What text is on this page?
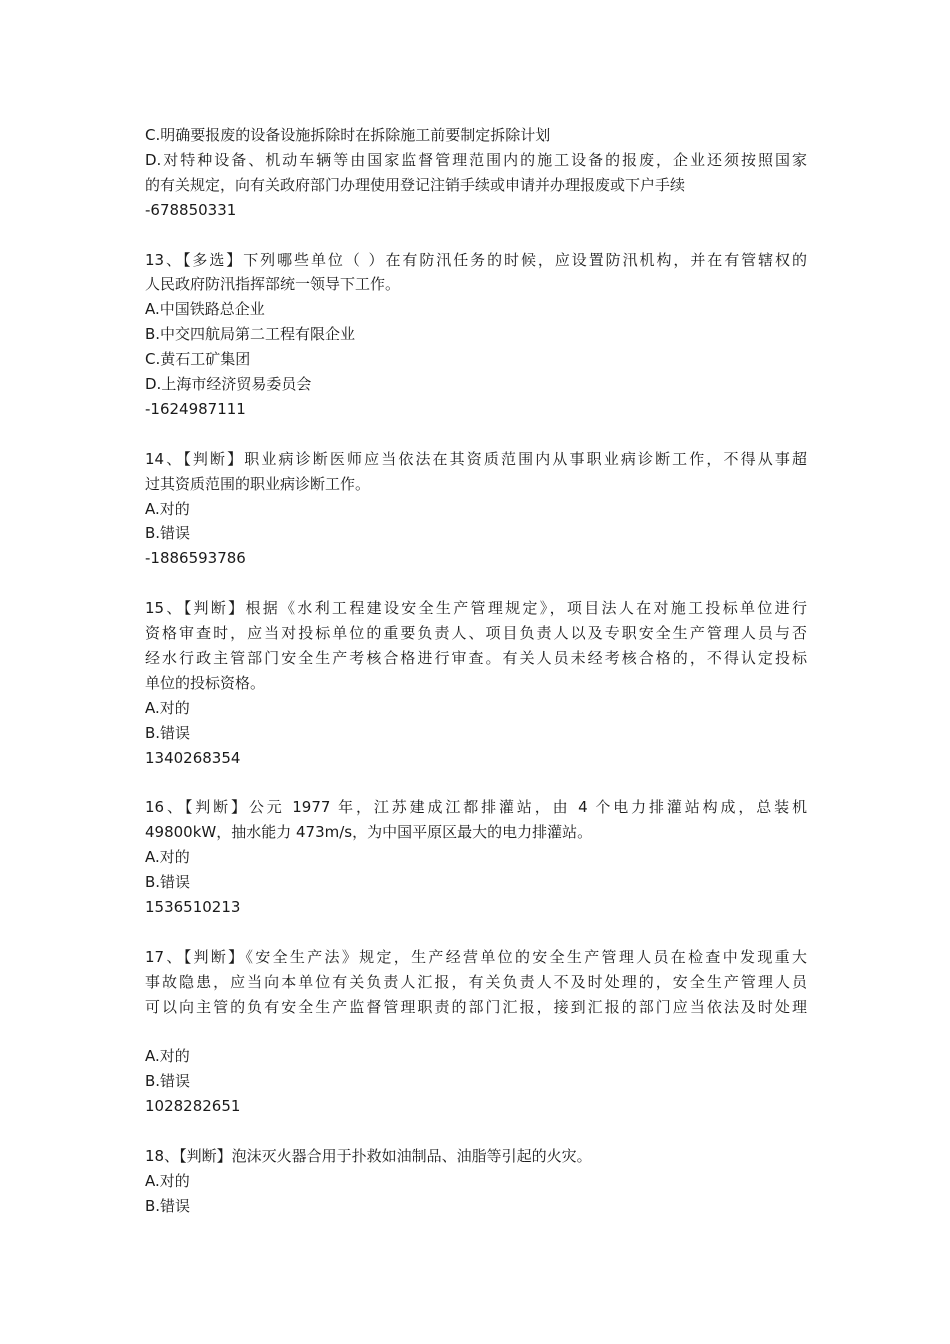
C.明确要报废的设备设施拆除时在拆除施工前要制定拆除计划
D.对特种设备、机动车辆等由国家监督管理范围内的施工设备的报废，企业还须按照国家
的有关规定，向有关政府部门办理使用登记注销手续或申请并办理报废或下户手续
-678850331
13、【多选】下列哪些单位（ ）在有防汛任务的时候，应设置防汛机构，并在有管辖权的
人民政府防汛指挥部统一领导下工作。
A.中国铁路总企业
B.中交四航局第二工程有限企业
C.黄石工矿集团
D.上海市经济贸易委员会
-1624987111
14、【判断】职业病诊断医师应当依法在其资质范围内从事职业病诊断工作，不得从事超
过其资质范围的职业病诊断工作。
A.对的
B.错误
-1886593786
15、【判断】根据《水利工程建设安全生产管理规定》，项目法人在对施工投标单位进行
资格审查时，应当对投标单位的重要负责人、项目负责人以及专职安全生产管理人员与否
经水行政主管部门安全生产考核合格进行审查。有关人员未经考核合格的，不得认定投标
单位的投标资格。
A.对的
B.错误
1340268354
16、【判断】公元 1977 年，江苏建成江都排灌站，由 4 个电力排灌站构成，总装机
49800kW，抽水能力 473m/s，为中国平原区最大的电力排灌站。
A.对的
B.错误
1536510213
17、【判断】《安全生产法》规定，生产经营单位的安全生产管理人员在检查中发现重大
事故隐患，应当向本单位有关负责人汇报，有关负责人不及时处理的，安全生产管理人员
可以向主管的负有安全生产监督管理职责的部门汇报，接到汇报的部门应当依法及时处理

A.对的
B.错误
1028282651
18、【判断】泡沫灭火器合用于扑救如油制品、油脂等引起的火灾。
A.对的
B.错误
